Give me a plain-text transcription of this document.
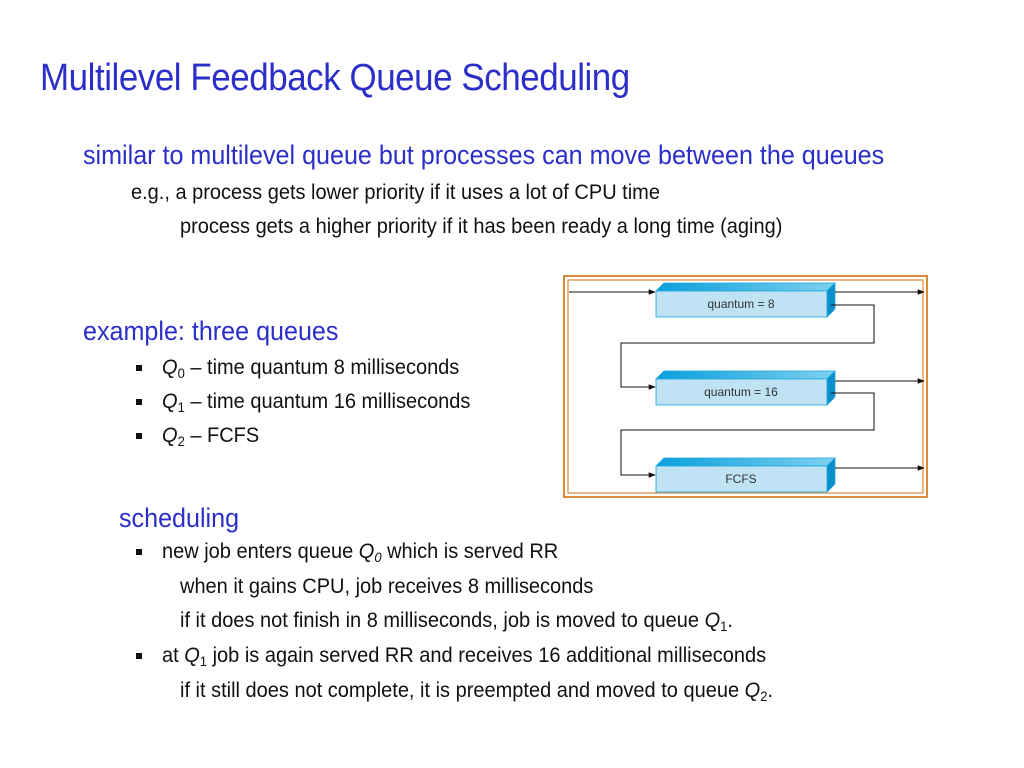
Multilevel Feedback Queue Scheduling
similar to multilevel queue but processes can move between the queues
e.g., a process gets lower priority if it uses a lot of CPU time
process gets a higher priority if it has been ready a long time (aging)
example: three queues
$Q_0$ – time quantum 8 milliseconds
$Q_1$ – time quantum 16 milliseconds
$Q_2$ – FCFS
scheduling
new job enters queue $Q_0$ which is served RR
when it gains CPU, job receives 8 milliseconds
if it does not finish in 8 milliseconds, job is moved to queue $Q_1$.
at $Q_1$ job is again served RR and receives 16 additional milliseconds
if it still does not complete, it is preempted and moved to queue $Q_2$.
quantum = 8
quantum = 16
FCFS
